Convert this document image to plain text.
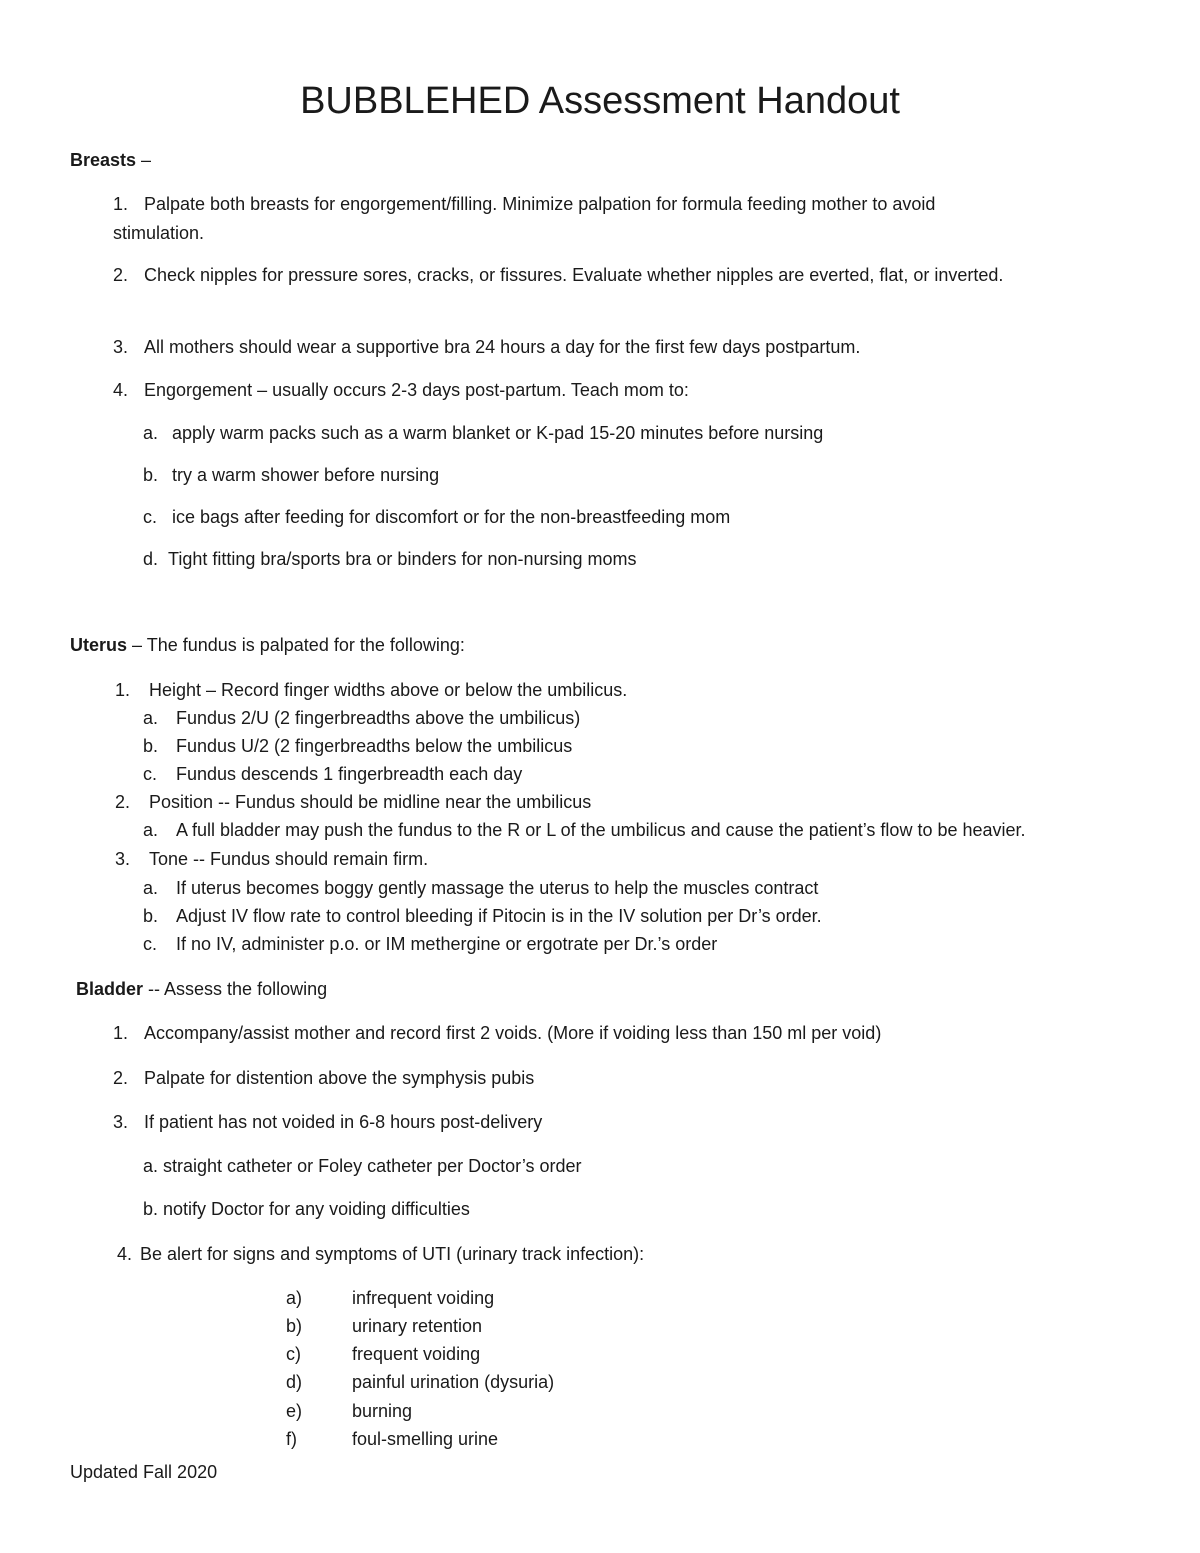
BUBBLEHED Assessment Handout
Breasts –
1. Palpate both breasts for engorgement/filling. Minimize palpation for formula feeding mother to avoid
stimulation.
2. Check nipples for pressure sores, cracks, or fissures. Evaluate whether nipples are everted, flat, or inverted.
3. All mothers should wear a supportive bra 24 hours a day for the first few days postpartum.
4. Engorgement – usually occurs 2-3 days post-partum. Teach mom to:
a. apply warm packs such as a warm blanket or K-pad 15-20 minutes before nursing
b. try a warm shower before nursing
c. ice bags after feeding for discomfort or for the non-breastfeeding mom
d. Tight fitting bra/sports bra or binders for non-nursing moms
Uterus – The fundus is palpated for the following:
1. Height – Record finger widths above or below the umbilicus.
a. Fundus 2/U (2 fingerbreadths above the umbilicus)
b. Fundus U/2 (2 fingerbreadths below the umbilicus
c. Fundus descends 1 fingerbreadth each day
2. Position -- Fundus should be midline near the umbilicus
a. A full bladder may push the fundus to the R or L of the umbilicus and cause the patient’s flow to be heavier.
3. Tone -- Fundus should remain firm.
a. If uterus becomes boggy gently massage the uterus to help the muscles contract
b. Adjust IV flow rate to control bleeding if Pitocin is in the IV solution per Dr’s order.
c. If no IV, administer p.o. or IM methergine or ergotrate per Dr.’s order
Bladder -- Assess the following
1. Accompany/assist mother and record first 2 voids. (More if voiding less than 150 ml per void)
2. Palpate for distention above the symphysis pubis
3. If patient has not voided in 6-8 hours post-delivery
a. straight catheter or Foley catheter per Doctor’s order
b. notify Doctor for any voiding difficulties
4. Be alert for signs and symptoms of UTI (urinary track infection):
a)	infrequent voiding
b)	urinary retention
c)	frequent voiding
d)	painful urination (dysuria)
e)	burning
f)	foul-smelling urine
Updated Fall 2020
